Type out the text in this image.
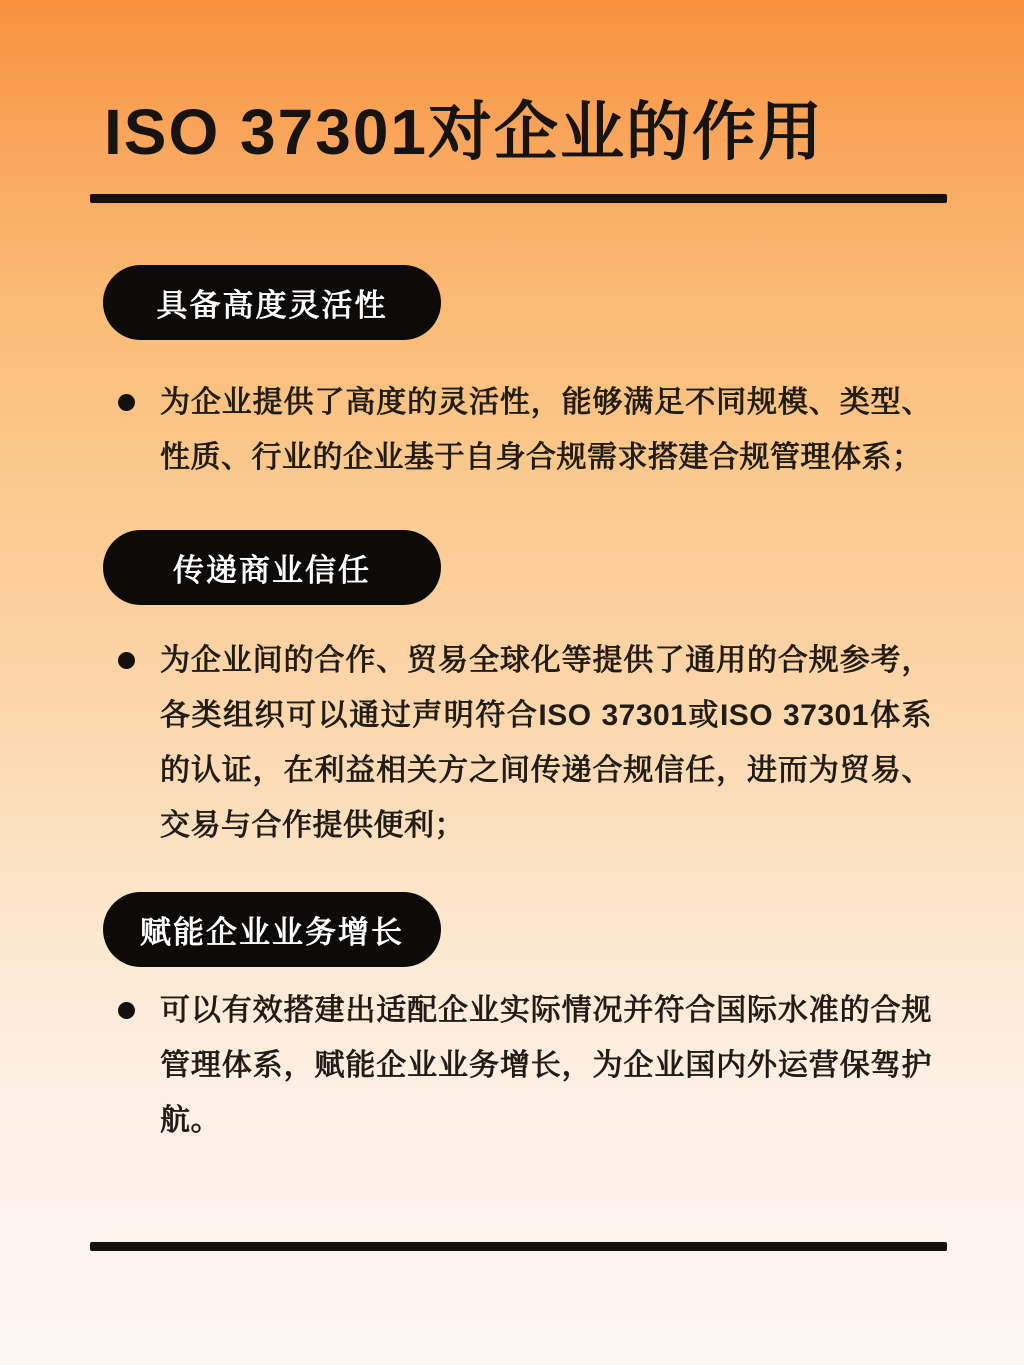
ISO 37301对企业的作用
具备高度灵活性
为企业提供了高度的灵活性，能够满足不同规模、类型、
性质、行业的企业基于自身合规需求搭建合规管理体系；
传递商业信任
为企业间的合作、贸易全球化等提供了通用的合规参考，
各类组织可以通过声明符合ISO 37301或ISO 37301体系
的认证，在利益相关方之间传递合规信任，进而为贸易、
交易与合作提供便利；
赋能企业业务增长
可以有效搭建出适配企业实际情况并符合国际水准的合规
管理体系，赋能企业业务增长，为企业国内外运营保驾护
航。
